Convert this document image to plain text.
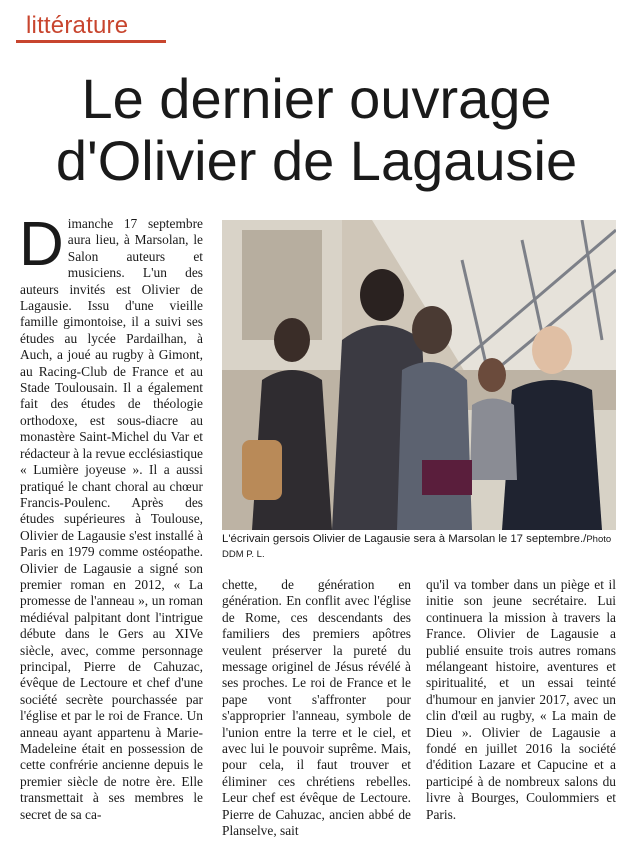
littérature
Le dernier ouvrage
d'Olivier de Lagausie
D imanche 17 septembre aura lieu, à Marsolan, le Salon auteurs et musiciens. L'un des auteurs invités est Olivier de Lagausie. Issu d'une vieille famille gimontoise, il a suivi ses études au lycée Pardailhan, à Auch, a joué au rugby à Gimont, au Racing-Club de France et au Stade Toulousain. Il a également fait des études de théologie orthodoxe, est sous-diacre au monastère Saint-Michel du Var et rédacteur à la revue ecclésiastique « Lumière joyeuse ». Il a aussi pratiqué le chant choral au chœur Francis-Poulenc. Après des études supérieures à Toulouse, Olivier de Lagausie s'est installé à Paris en 1979 comme ostéopathe. Olivier de Lagausie a signé son premier roman en 2012, « La promesse de l'anneau », un roman médiéval palpitant dont l'intrigue débute dans le Gers au XIVe siècle, avec, comme personnage principal, Pierre de Cahuzac, évêque de Lectoure et chef d'une société secrète pourchassée par l'église et par le roi de France. Un anneau ayant appartenu à Marie-Madeleine était en possession de cette confrérie ancienne depuis le premier siècle de notre ère. Elle transmettait à ses membres le secret de sa ca-

L'écrivain gersois Olivier de Lagausie sera à Marsolan le 17 septembre./Photo DDM P. L.

chette, de génération en génération. En conflit avec l'église de Rome, ces descendants des familiers des premiers apôtres veulent préserver la pureté du message originel de Jésus révélé à ses proches. Le roi de France et le pape vont s'affronter pour s'approprier l'anneau, symbole de l'union entre la terre et le ciel, et avec lui le pouvoir suprême. Mais, pour cela, il faut trouver et éliminer ces chrétiens rebelles. Leur chef est évêque de Lectoure. Pierre de Cahuzac, ancien abbé de Planselve, sait

qu'il va tomber dans un piège et il initie son jeune secrétaire. Lui continuera la mission à travers la France. Olivier de Lagausie a publié ensuite trois autres romans mélangeant histoire, aventures et spiritualité, et un essai teinté d'humour en janvier 2017, avec un clin d'œil au rugby, « La main de Dieu ». Olivier de Lagausie a fondé en juillet 2016 la société d'édition Lazare et Capucine et a participé à de nombreux salons du livre à Bourges, Coulommiers et Paris.
